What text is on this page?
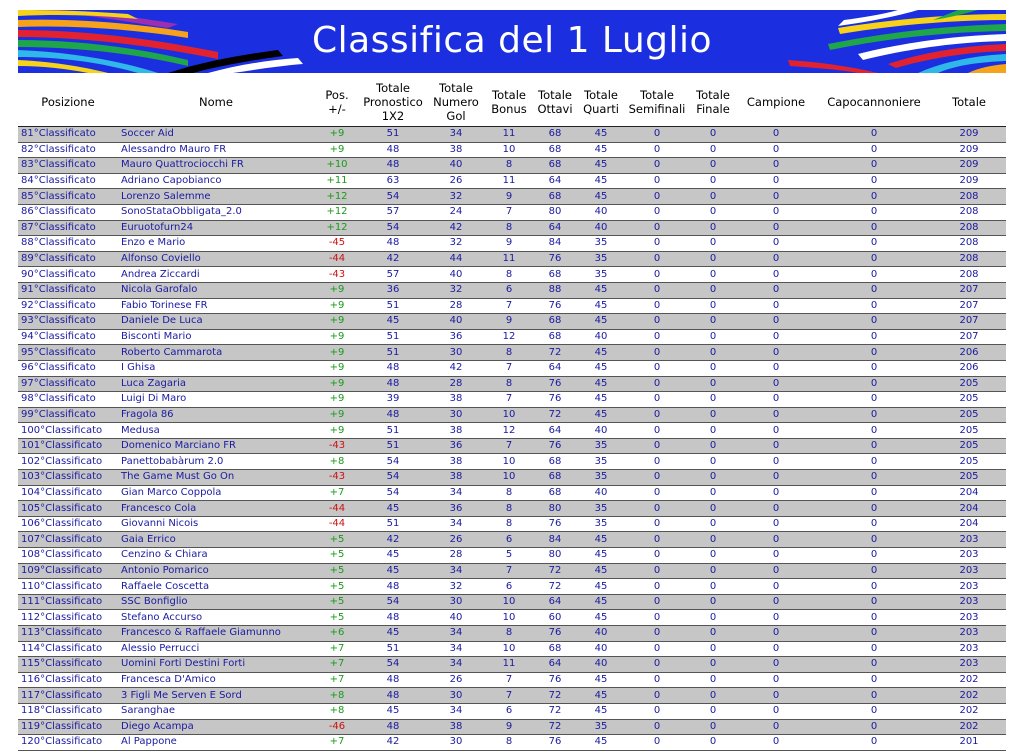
Classifica del 1 Luglio
Posizione	Nome	Pos. +/-	Totale Pronostico 1X2	Totale Numero Gol	Totale Bonus	Totale Ottavi	Totale Quarti	Totale Semifinali	Totale Finale	Campione	Capocannoniere	Totale
81°Classificato	Soccer Aid	+9	51	34	11	68	45	0	0	0	0	209
82°Classificato	Alessandro Mauro FR	+9	48	38	10	68	45	0	0	0	0	209
83°Classificato	Mauro Quattrociocchi FR	+10	48	40	8	68	45	0	0	0	0	209
84°Classificato	Adriano Capobianco	+11	63	26	11	64	45	0	0	0	0	209
85°Classificato	Lorenzo Salemme	+12	54	32	9	68	45	0	0	0	0	208
86°Classificato	SonoStataObbligata_2.0	+12	57	24	7	80	40	0	0	0	0	208
87°Classificato	Euruotofurn24	+12	54	42	8	64	40	0	0	0	0	208
88°Classificato	Enzo e Mario	-45	48	32	9	84	35	0	0	0	0	208
89°Classificato	Alfonso Coviello	-44	42	44	11	76	35	0	0	0	0	208
90°Classificato	Andrea Ziccardi	-43	57	40	8	68	35	0	0	0	0	208
91°Classificato	Nicola Garofalo	+9	36	32	6	88	45	0	0	0	0	207
92°Classificato	Fabio Torinese FR	+9	51	28	7	76	45	0	0	0	0	207
93°Classificato	Daniele De Luca	+9	45	40	9	68	45	0	0	0	0	207
94°Classificato	Bisconti Mario	+9	51	36	12	68	40	0	0	0	0	207
95°Classificato	Roberto Cammarota	+9	51	30	8	72	45	0	0	0	0	206
96°Classificato	I Ghisa	+9	48	42	7	64	45	0	0	0	0	206
97°Classificato	Luca Zagaria	+9	48	28	8	76	45	0	0	0	0	205
98°Classificato	Luigi Di Maro	+9	39	38	7	76	45	0	0	0	0	205
99°Classificato	Fragola 86	+9	48	30	10	72	45	0	0	0	0	205
100°Classificato	Medusa	+9	51	38	12	64	40	0	0	0	0	205
101°Classificato	Domenico Marciano FR	-43	51	36	7	76	35	0	0	0	0	205
102°Classificato	Panettobabàrum 2.0	+8	54	38	10	68	35	0	0	0	0	205
103°Classificato	The Game Must Go On	-43	54	38	10	68	35	0	0	0	0	205
104°Classificato	Gian Marco Coppola	+7	54	34	8	68	40	0	0	0	0	204
105°Classificato	Francesco Cola	-44	45	36	8	80	35	0	0	0	0	204
106°Classificato	Giovanni Nicois	-44	51	34	8	76	35	0	0	0	0	204
107°Classificato	Gaia Errico	+5	42	26	6	84	45	0	0	0	0	203
108°Classificato	Cenzino & Chiara	+5	45	28	5	80	45	0	0	0	0	203
109°Classificato	Antonio Pomarico	+5	45	34	7	72	45	0	0	0	0	203
110°Classificato	Raffaele Coscetta	+5	48	32	6	72	45	0	0	0	0	203
111°Classificato	SSC Bonfiglio	+5	54	30	10	64	45	0	0	0	0	203
112°Classificato	Stefano Accurso	+5	48	40	10	60	45	0	0	0	0	203
113°Classificato	Francesco & Raffaele Giamunno	+6	45	34	8	76	40	0	0	0	0	203
114°Classificato	Alessio Perrucci	+7	51	34	10	68	40	0	0	0	0	203
115°Classificato	Uomini Forti Destini Forti	+7	54	34	11	64	40	0	0	0	0	203
116°Classificato	Francesca D'Amico	+7	48	26	7	76	45	0	0	0	0	202
117°Classificato	3 Figli Me Serven E Sord	+8	48	30	7	72	45	0	0	0	0	202
118°Classificato	Saranghae	+8	45	34	6	72	45	0	0	0	0	202
119°Classificato	Diego Acampa	-46	48	38	9	72	35	0	0	0	0	202
120°Classificato	Al Pappone	+7	42	30	8	76	45	0	0	0	0	201
